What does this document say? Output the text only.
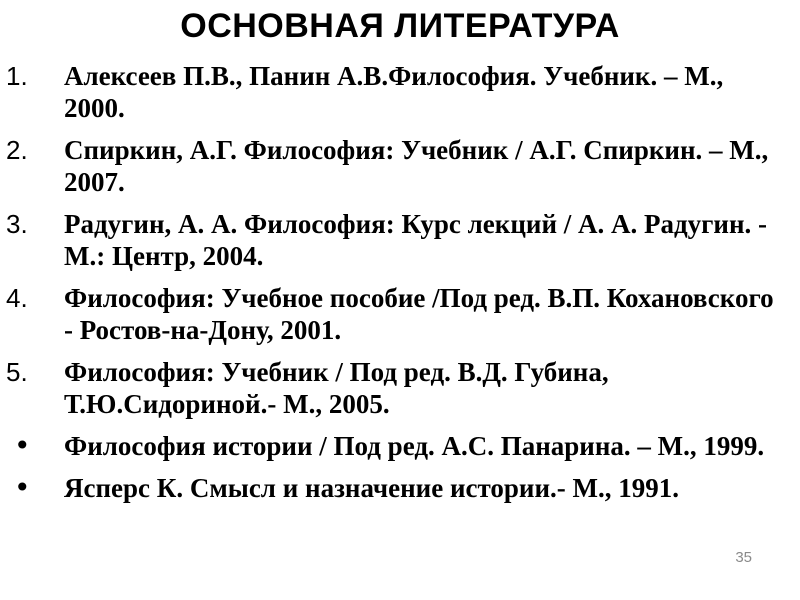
ОСНОВНАЯ ЛИТЕРАТУРА
1.	Алексеев П.В., Панин А.В.Философия. Учебник. – М., 2000.
2.	Спиркин, А.Г. Философия: Учебник / А.Г. Спиркин. – М., 2007.
3.	Радугин, А. А. Философия: Курс лекций / А. А. Радугин. - М.: Центр, 2004.
4.	Философия: Учебное пособие /Под ред. В.П. Кохановского - Ростов-на-Дону, 2001.
5.	Философия: Учебник / Под ред. В.Д. Губина, Т.Ю.Сидориной.- М., 2005.
•	Философия истории / Под ред. А.С. Панарина. – М., 1999.
•	Ясперс К. Смысл и назначение истории.- М., 1991.
35
